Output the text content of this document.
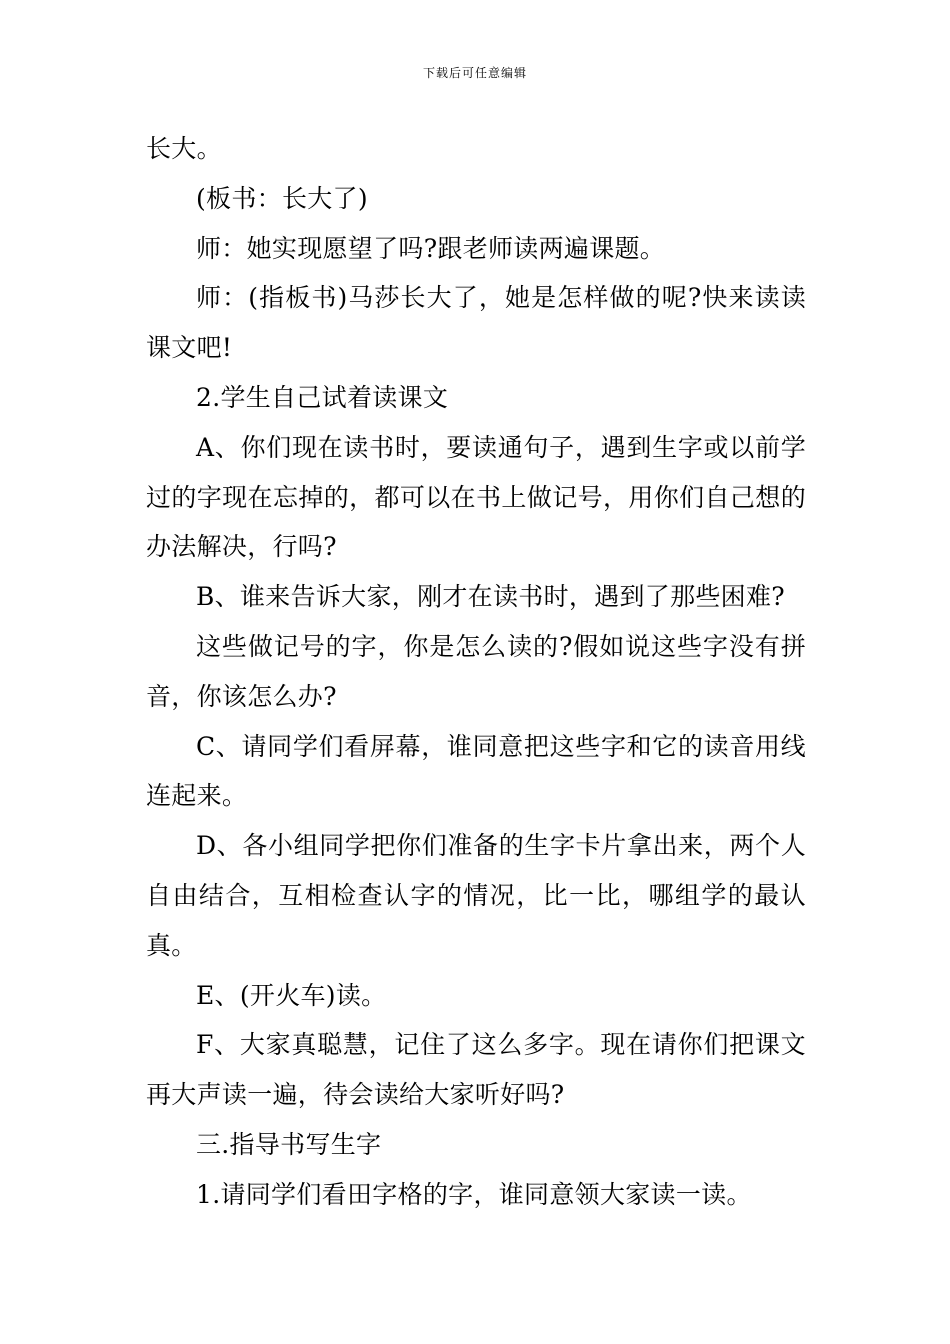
下载后可任意编辑

长大。

(板书：长大了)

师：她实现愿望了吗?跟老师读两遍课题。

师：(指板书)马莎长大了，她是怎样做的呢?快来读读课文吧!

2.学生自己试着读课文

A、你们现在读书时，要读通句子，遇到生字或以前学过的字现在忘掉的，都可以在书上做记号，用你们自己想的办法解决，行吗?

B、谁来告诉大家，刚才在读书时，遇到了那些困难?

这些做记号的字，你是怎么读的?假如说这些字没有拼音，你该怎么办?

C、请同学们看屏幕，谁同意把这些字和它的读音用线连起来。

D、各小组同学把你们准备的生字卡片拿出来，两个人自由结合，互相检查认字的情况，比一比，哪组学的最认真。

E、(开火车)读。

F、大家真聪慧，记住了这么多字。现在请你们把课文再大声读一遍，待会读给大家听好吗?

三.指导书写生字

1.请同学们看田字格的字，谁同意领大家读一读。
